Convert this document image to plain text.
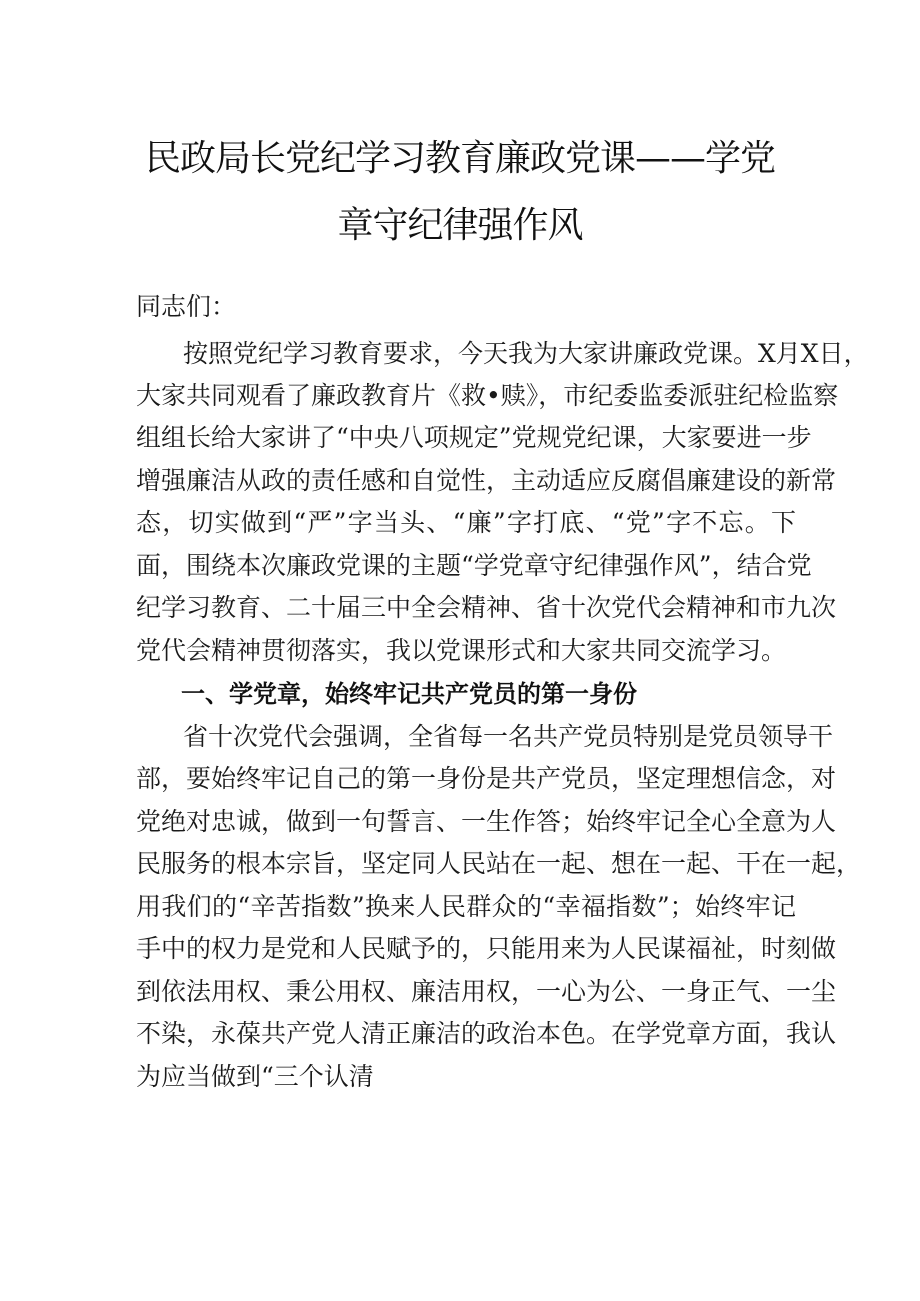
民政局长党纪学习教育廉政党课——学党
章守纪律强作风
同志们：
按照党纪学习教育要求，今天我为大家讲廉政党课。X月X日，
大家共同观看了廉政教育片《救•赎》，市纪委监委派驻纪检监察
组组长给大家讲了“中央八项规定”党规党纪课，大家要进一步
增强廉洁从政的责任感和自觉性，主动适应反腐倡廉建设的新常
态，切实做到“严”字当头、“廉”字打底、“党”字不忘。下
面，围绕本次廉政党课的主题“学党章守纪律强作风”，结合党
纪学习教育、二十届三中全会精神、省十次党代会精神和市九次
党代会精神贯彻落实，我以党课形式和大家共同交流学习。
一、学党章，始终牢记共产党员的第一身份
省十次党代会强调，全省每一名共产党员特别是党员领导干
部，要始终牢记自己的第一身份是共产党员，坚定理想信念，对
党绝对忠诚，做到一句誓言、一生作答；始终牢记全心全意为人
民服务的根本宗旨，坚定同人民站在一起、想在一起、干在一起，
用我们的“辛苦指数”换来人民群众的“幸福指数”；始终牢记
手中的权力是党和人民赋予的，只能用来为人民谋福祉，时刻做
到依法用权、秉公用权、廉洁用权，一心为公、一身正气、一尘
不染，永葆共产党人清正廉洁的政治本色。在学党章方面，我认
为应当做到“三个认清
